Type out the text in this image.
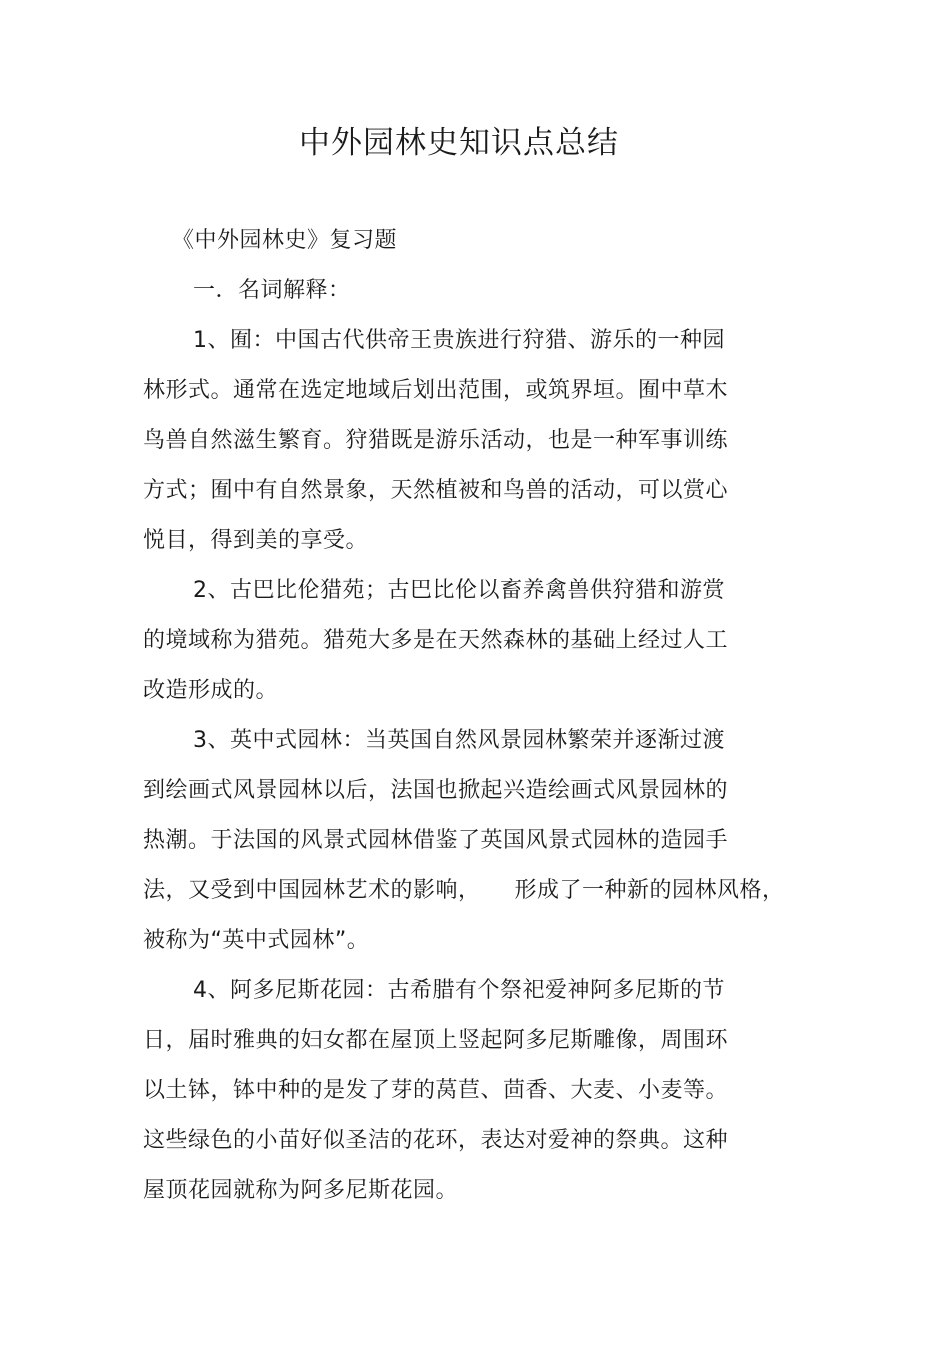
中外园林史知识点总结
《中外园林史》复习题
一．名词解释：
1、囿：中国古代供帝王贵族进行狩猎、游乐的一种园
林形式。通常在选定地域后划出范围，或筑界垣。囿中草木
鸟兽自然滋生繁育。狩猎既是游乐活动，也是一种军事训练
方式；囿中有自然景象，天然植被和鸟兽的活动，可以赏心
悦目，得到美的享受。
2、古巴比伦猎苑；古巴比伦以畜养禽兽供狩猎和游赏
的境域称为猎苑。猎苑大多是在天然森林的基础上经过人工
改造形成的。
3、英中式园林：当英国自然风景园林繁荣并逐渐过渡
到绘画式风景园林以后，法国也掀起兴造绘画式风景园林的
热潮。于法国的风景式园林借鉴了英国风景式园林的造园手
法，又受到中国园林艺术的影响，　　形成了一种新的园林风格，
被称为“英中式园林”。
4、阿多尼斯花园：古希腊有个祭祀爱神阿多尼斯的节
日，届时雅典的妇女都在屋顶上竖起阿多尼斯雕像，周围环
以土钵，钵中种的是发了芽的莴苣、茴香、大麦、小麦等。
这些绿色的小苗好似圣洁的花环，表达对爱神的祭典。这种
屋顶花园就称为阿多尼斯花园。
